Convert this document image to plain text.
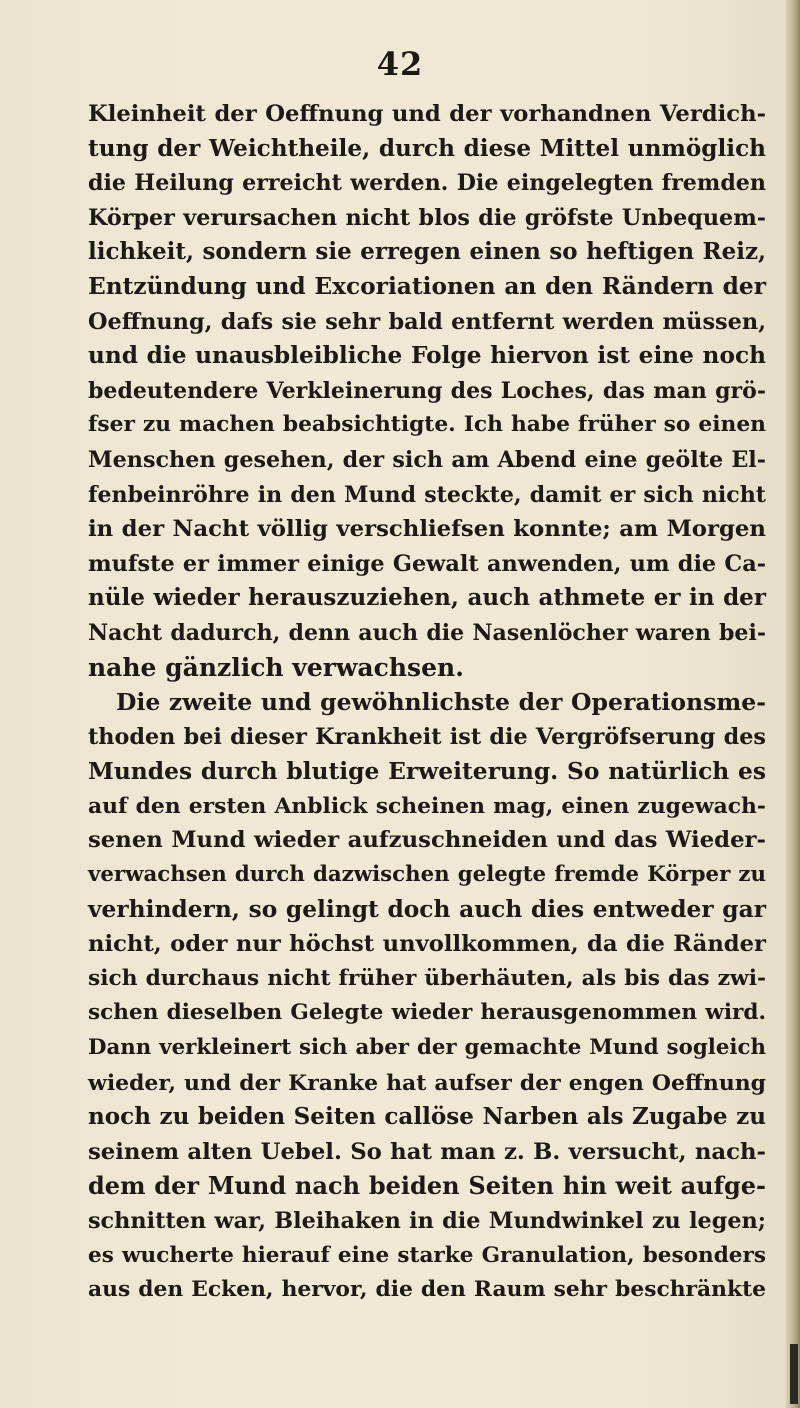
42
Kleinheit der Oeffnung und der vorhandnen Verdich-
tung der Weichtheile, durch diese Mittel unmöglich
die Heilung erreicht werden. Die eingelegten fremden
Körper verursachen nicht blos die gröfste Unbequem-
lichkeit, sondern sie erregen einen so heftigen Reiz,
Entzündung und Excoriationen an den Rändern der
Oeffnung, dafs sie sehr bald entfernt werden müssen,
und die unausbleibliche Folge hiervon ist eine noch
bedeutendere Verkleinerung des Loches, das man grö-
fser zu machen beabsichtigte. Ich habe früher so einen
Menschen gesehen, der sich am Abend eine geölte El-
fenbeinröhre in den Mund steckte, damit er sich nicht
in der Nacht völlig verschliefsen konnte; am Morgen
mufste er immer einige Gewalt anwenden, um die Ca-
nüle wieder herauszuziehen, auch athmete er in der
Nacht dadurch, denn auch die Nasenlöcher waren bei-
nahe gänzlich verwachsen.
Die zweite und gewöhnlichste der Operationsme-
thoden bei dieser Krankheit ist die Vergröfserung des
Mundes durch blutige Erweiterung. So natürlich es
auf den ersten Anblick scheinen mag, einen zugewach-
senen Mund wieder aufzuschneiden und das Wieder-
verwachsen durch dazwischen gelegte fremde Körper zu
verhindern, so gelingt doch auch dies entweder gar
nicht, oder nur höchst unvollkommen, da die Ränder
sich durchaus nicht früher überhäuten, als bis das zwi-
schen dieselben Gelegte wieder herausgenommen wird.
Dann verkleinert sich aber der gemachte Mund sogleich
wieder, und der Kranke hat aufser der engen Oeffnung
noch zu beiden Seiten callöse Narben als Zugabe zu
seinem alten Uebel. So hat man z. B. versucht, nach-
dem der Mund nach beiden Seiten hin weit aufge-
schnitten war, Bleihaken in die Mundwinkel zu legen;
es wucherte hierauf eine starke Granulation, besonders
aus den Ecken, hervor, die den Raum sehr beschränkte
